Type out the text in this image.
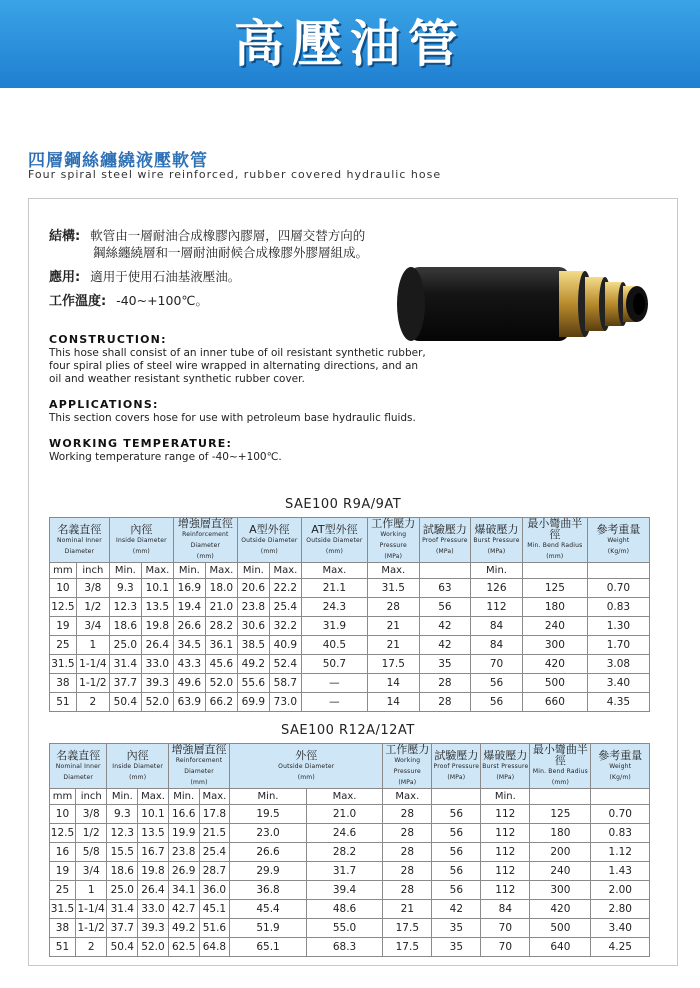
高壓油管
四層鋼絲纏繞液壓軟管
Four spiral steel wire reinforced, rubber covered hydraulic hose
結構: 軟管由一層耐油合成橡膠內膠層，四層交替方向的
鋼絲纏繞層和一層耐油耐候合成橡膠外膠層組成。
應用: 適用于使用石油基液壓油。
工作溫度: -40~+100℃。
CONSTRUCTION:
This hose shall consist of an inner tube of oil resistant synthetic rubber, four spiral plies of steel wire wrapped in alternating directions, and an oil and weather resistant synthetic rubber cover.
APPLICATIONS:
This section covers hose for use with petroleum base hydraulic fluids.
WORKING TEMPERATURE:
Working temperature range of -40~+100℃.
SAE100 R9A/9AT
名義直徑
Nominal Inner Diameter		內徑
Inside Diameter
(mm)		增強層直徑
Reinforcement Diameter
(mm)		A型外徑
Outside Diameter
(mm)		AT型外徑
Outside Diameter
(mm)	工作壓力
Working Pressure
(MPa)	試驗壓力
Proof Pressure
(MPa)	爆破壓力
Burst Pressure
(MPa)	最小彎曲半徑
Min. Bend Radius
(mm)	參考重量
Weight
(Kg/m)

mm	inch	Min.	Max.	Min.	Max.	Min.	Max.	Max.	Max.		Min.		
10	3/8	9.3	10.1	16.9	18.0	20.6	22.2	21.1	31.5	63	126	125	0.70
12.5	1/2	12.3	13.5	19.4	21.0	23.8	25.4	24.3	28	56	112	180	0.83
19	3/4	18.6	19.8	26.6	28.2	30.6	32.2	31.9	21	42	84	240	1.30
25	1	25.0	26.4	34.5	36.1	38.5	40.9	40.5	21	42	84	300	1.70
31.5	1-1/4	31.4	33.0	43.3	45.6	49.2	52.4	50.7	17.5	35	70	420	3.08
38	1-1/2	37.7	39.3	49.6	52.0	55.6	58.7	—	14	28	56	500	3.40
51	2	50.4	52.0	63.9	66.2	69.9	73.0	—	14	28	56	660	4.35
SAE100 R12A/12AT
名義直徑
Nominal Inner Diameter		內徑
Inside Diameter
(mm)		增強層直徑
Reinforcement Diameter
(mm)		外徑
Outside Diameter
(mm)		工作壓力
Working Pressure
(MPa)	試驗壓力
Proof Pressure
(MPa)	爆破壓力
Burst Pressure
(MPa)	最小彎曲半徑
Min. Bend Radius
(mm)	參考重量
Weight
(Kg/m)

mm	inch	Min.	Max.	Min.	Max.	Min.	Max.	Max.		Min.		
10	3/8	9.3	10.1	16.6	17.8	19.5	21.0	28	56	112	125	0.70
12.5	1/2	12.3	13.5	19.9	21.5	23.0	24.6	28	56	112	180	0.83
16	5/8	15.5	16.7	23.8	25.4	26.6	28.2	28	56	112	200	1.12
19	3/4	18.6	19.8	26.9	28.7	29.9	31.7	28	56	112	240	1.43
25	1	25.0	26.4	34.1	36.0	36.8	39.4	28	56	112	300	2.00
31.5	1-1/4	31.4	33.0	42.7	45.1	45.4	48.6	21	42	84	420	2.80
38	1-1/2	37.7	39.3	49.2	51.6	51.9	55.0	17.5	35	70	500	3.40
51	2	50.4	52.0	62.5	64.8	65.1	68.3	17.5	35	70	640	4.25
